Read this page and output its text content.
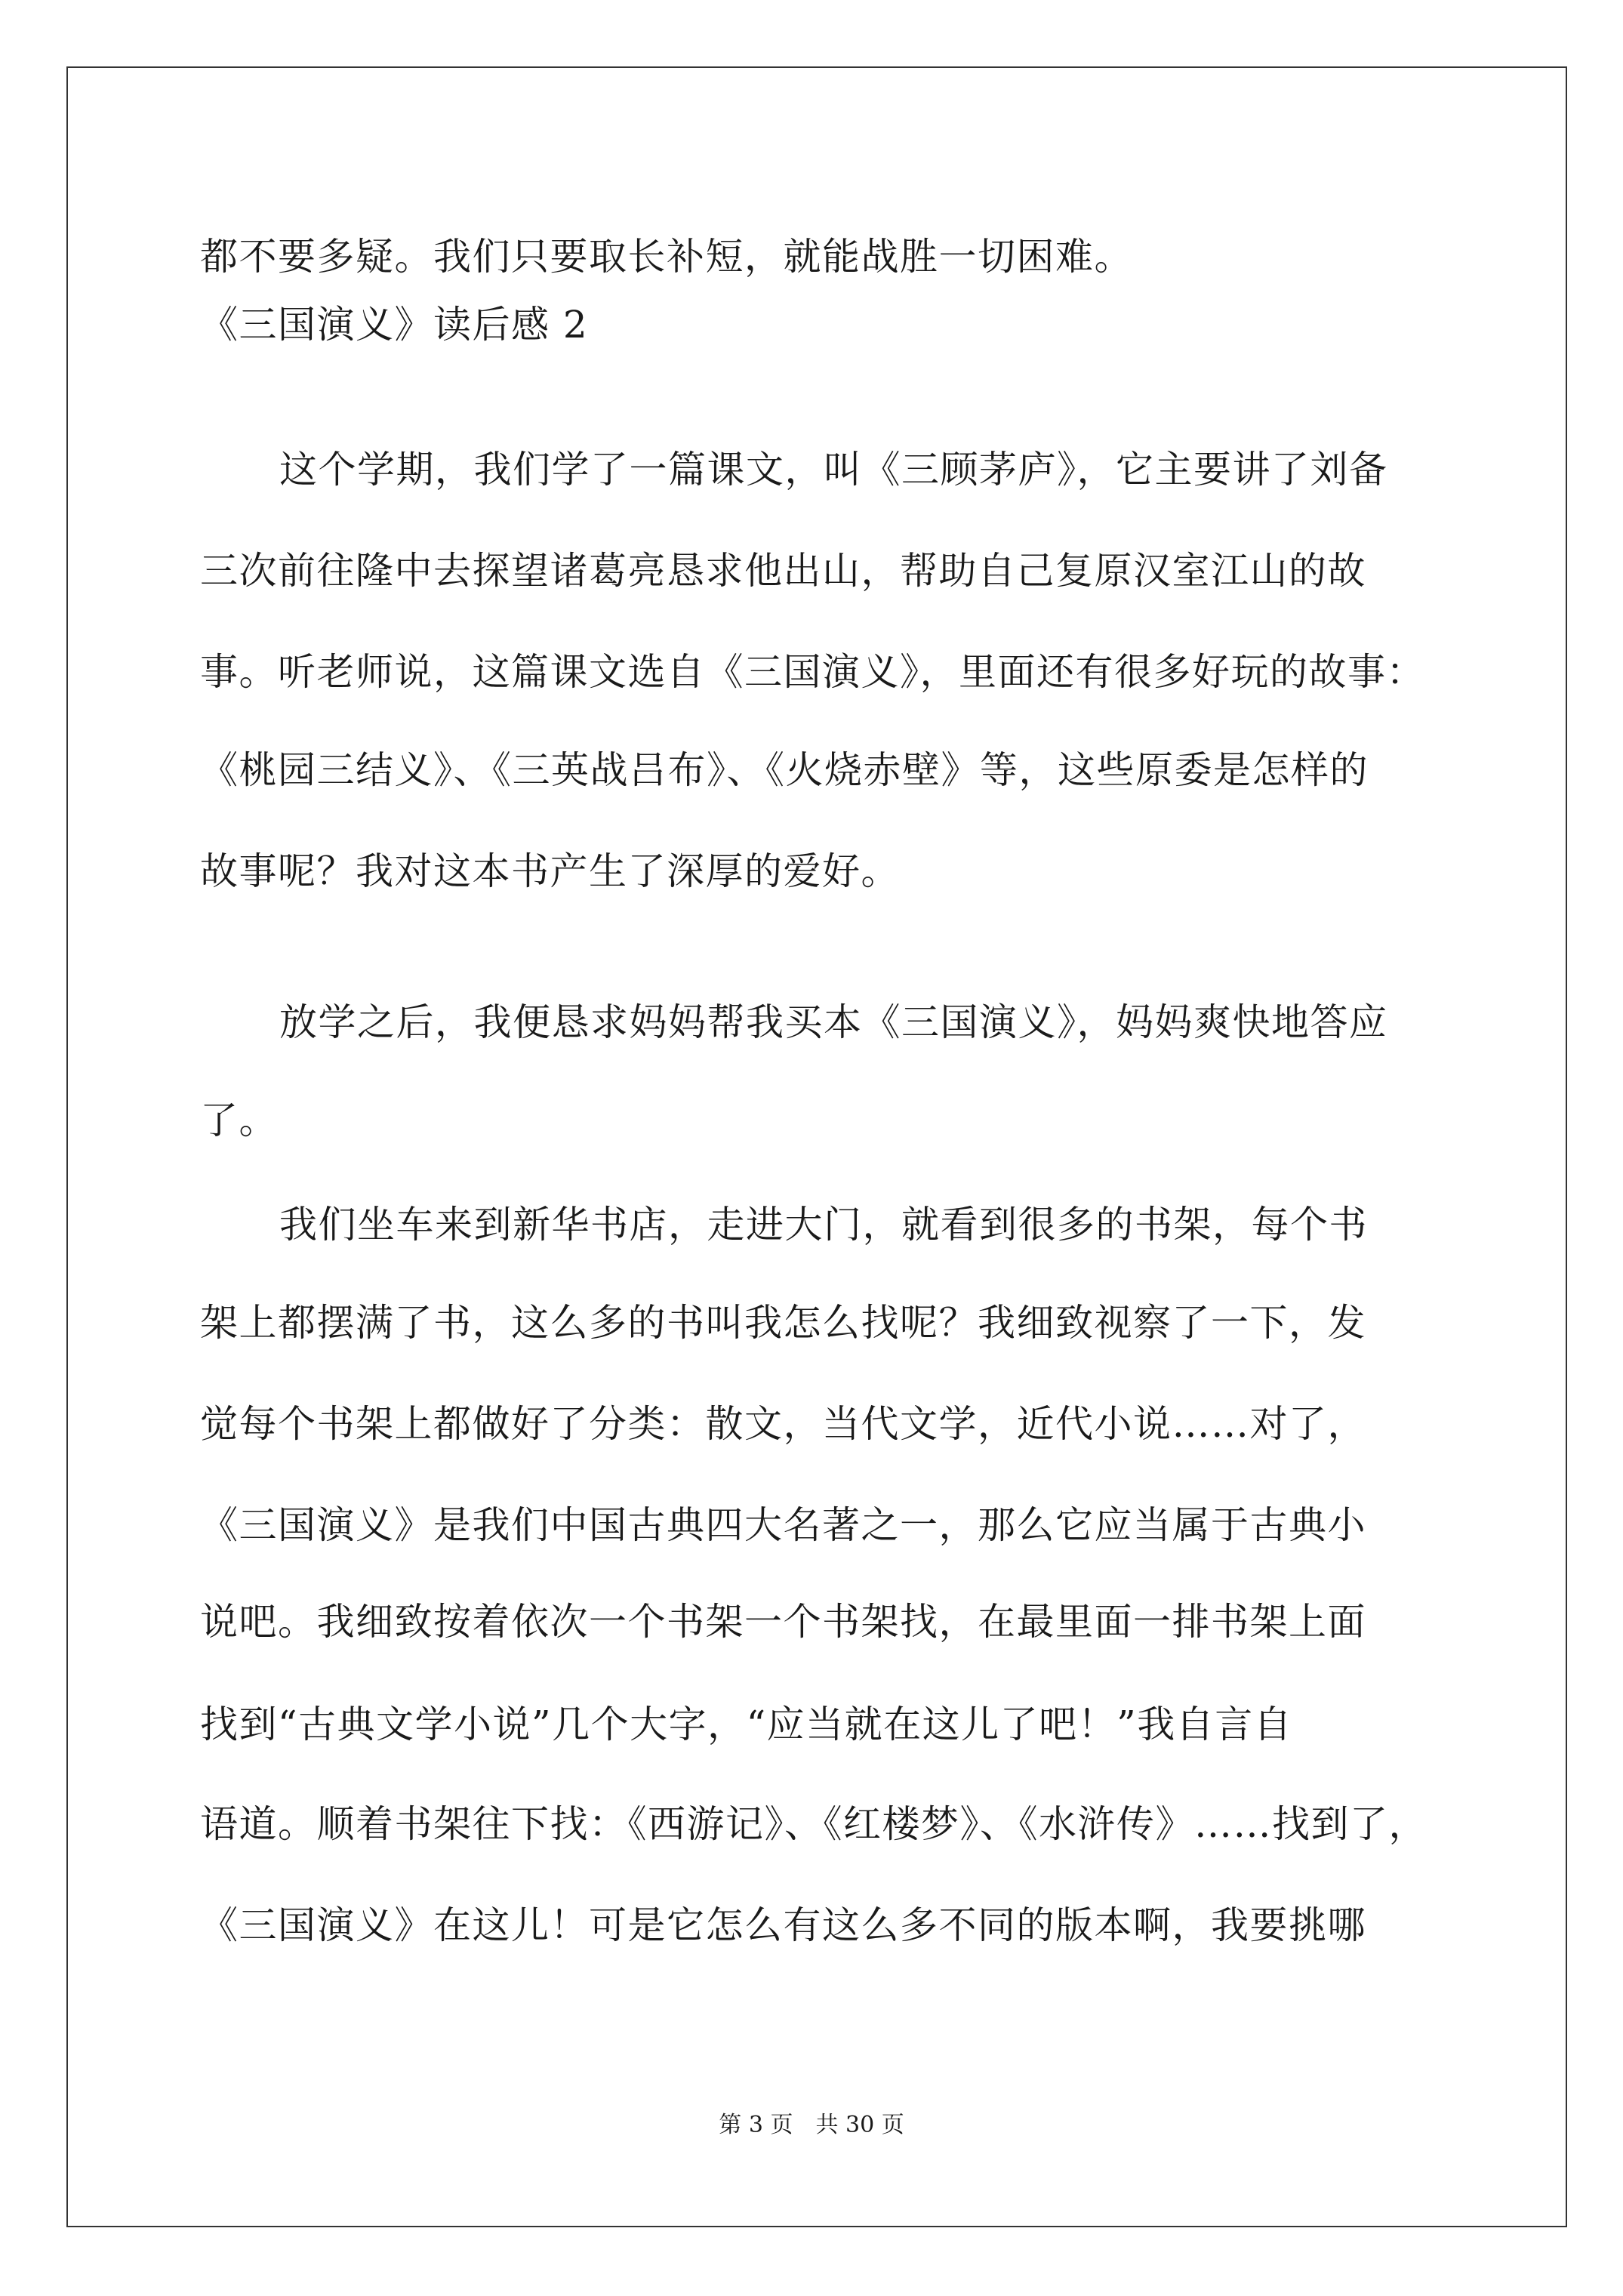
都不要多疑。我们只要取长补短，就能战胜一切困难。
《三国演义》读后感 2
这个学期，我们学了一篇课文，叫《三顾茅庐》，它主要讲了刘备
三次前往隆中去探望诸葛亮恳求他出山，帮助自己复原汉室江山的故
事。听老师说，这篇课文选自《三国演义》，里面还有很多好玩的故事：
《桃园三结义》、《三英战吕布》、《火烧赤壁》等，这些原委是怎样的
故事呢？我对这本书产生了深厚的爱好。
放学之后，我便恳求妈妈帮我买本《三国演义》，妈妈爽快地答应
了。
我们坐车来到新华书店，走进大门，就看到很多的书架，每个书
架上都摆满了书，这么多的书叫我怎么找呢？我细致视察了一下，发
觉每个书架上都做好了分类：散文，当代文学，近代小说……对了，
《三国演义》是我们中国古典四大名著之一，那么它应当属于古典小
说吧。我细致按着依次一个书架一个书架找，在最里面一排书架上面
找到“古典文学小说”几个大字，“应当就在这儿了吧！”我自言自
语道。顺着书架往下找：《西游记》、《红楼梦》、《水浒传》……找到了，
《三国演义》在这儿！可是它怎么有这么多不同的版本啊，我要挑哪
第 3 页　共 30 页
